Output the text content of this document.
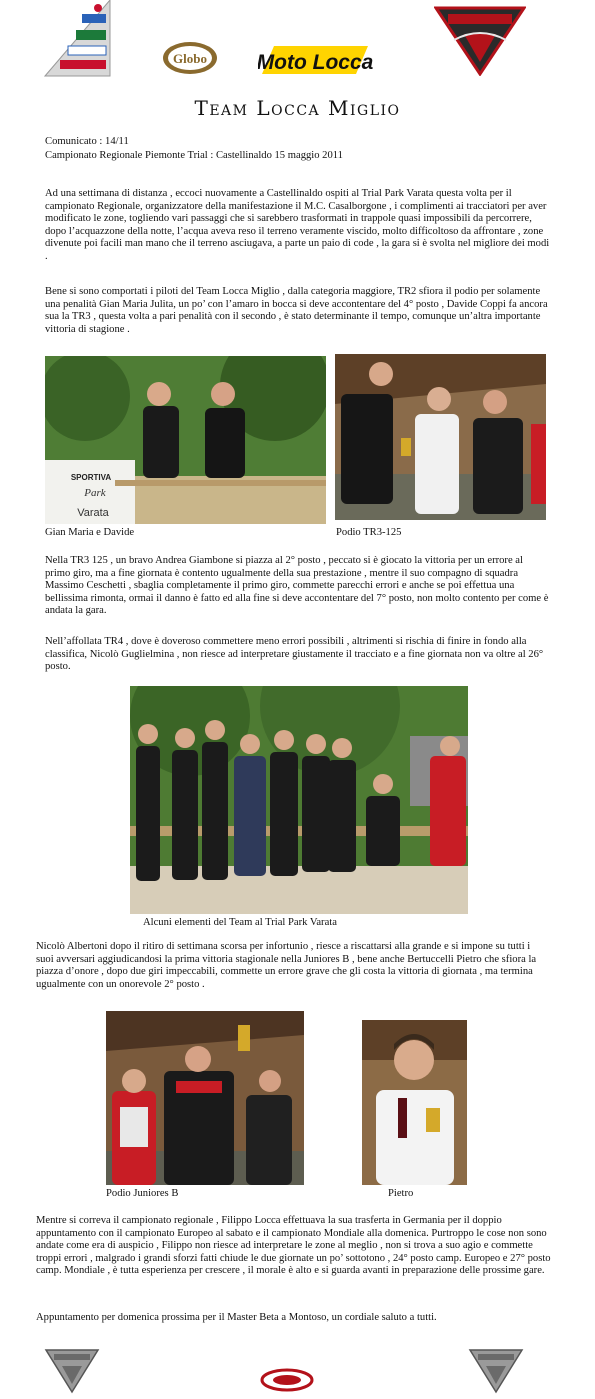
Globo Moto Locca
Team Locca Miglio
Comunicato : 14/11
Campionato Regionale Piemonte Trial : Castellinaldo 15 maggio 2011

Ad una settimana di distanza , eccoci nuovamente a Castellinaldo ospiti al Trial Park Varata questa volta per il campionato Regionale, organizzatore della manifestazione il M.C. Casalborgone , i complimenti ai tracciatori per aver modificato le zone, togliendo vari passaggi che si sarebbero trasformati in trappole quasi impossibili da percorrere, dopo l’acquazzone della notte, l’acqua aveva reso il terreno veramente viscido, molto difficoltoso da affrontare , zone divenute poi facili man mano che il terreno asciugava, a parte un paio di code , la gara si è svolta nel migliore dei modi .

Bene si sono comportati i piloti del Team Locca Miglio , dalla categoria maggiore, TR2 sfiora il podio per solamente una penalità Gian Maria Julita, un po’ con l’amaro in bocca si deve accontentare del 4° posto , Davide Coppi fa ancora sua la TR3 , questa volta a pari penalità con il secondo , è stato determinante il tempo, comunque un’altra importante vittoria di stagione .

SPORTIVA
Park
Varata
Gian Maria e Davide	Podio TR3-125

Nella TR3 125 , un bravo Andrea Giambone si piazza al 2° posto , peccato si è giocato la vittoria per un errore al primo giro, ma a fine giornata è contento ugualmente della sua prestazione , mentre il suo compagno di squadra Massimo Ceschetti , sbaglia completamente il primo giro, commette parecchi errori e anche se poi effettua una bellissima rimonta, ormai il danno è fatto ed alla fine si deve accontentare del 7° posto, non molto contento per come è andata la gara.

Nell’affollata TR4 , dove è doveroso commettere meno errori possibili , altrimenti si rischia di finire in fondo alla classifica, Nicolò Guglielmina , non riesce ad interpretare giustamente il tracciato e a fine giornata non va oltre al 26° posto.

Alcuni elementi del Team al Trial Park Varata

Nicolò Albertoni dopo il ritiro di settimana scorsa per infortunio , riesce a riscattarsi alla grande e si impone su tutti i suoi avversari aggiudicandosi la prima vittoria stagionale nella Juniores B , bene anche Bertuccelli Pietro che sfiora la piazza d’onore , dopo due giri impeccabili, commette un errore grave che gli costa la vittoria di giornata , ma termina ugualmente con un onorevole 2° posto .

Podio Juniores B	Pietro

Mentre si correva il campionato regionale , Filippo Locca effettuava la sua trasferta in Germania per il doppio appuntamento con il campionato Europeo al sabato e il campionato Mondiale alla domenica. Purtroppo le cose non sono andate come era di auspicio , Filippo non riesce ad interpretare le zone al meglio , non si trova a suo agio e commette troppi errori , malgrado i grandi sforzi fatti chiude le due giornate un po’ sottotono , 24° posto camp. Europeo e 27° posto camp. Mondiale , è tutta esperienza per crescere , il morale è alto e si guarda avanti in preparazione delle prossime gare.

Appuntamento per domenica prossima per il Master Beta a Montoso, un cordiale saluto a tutti.
